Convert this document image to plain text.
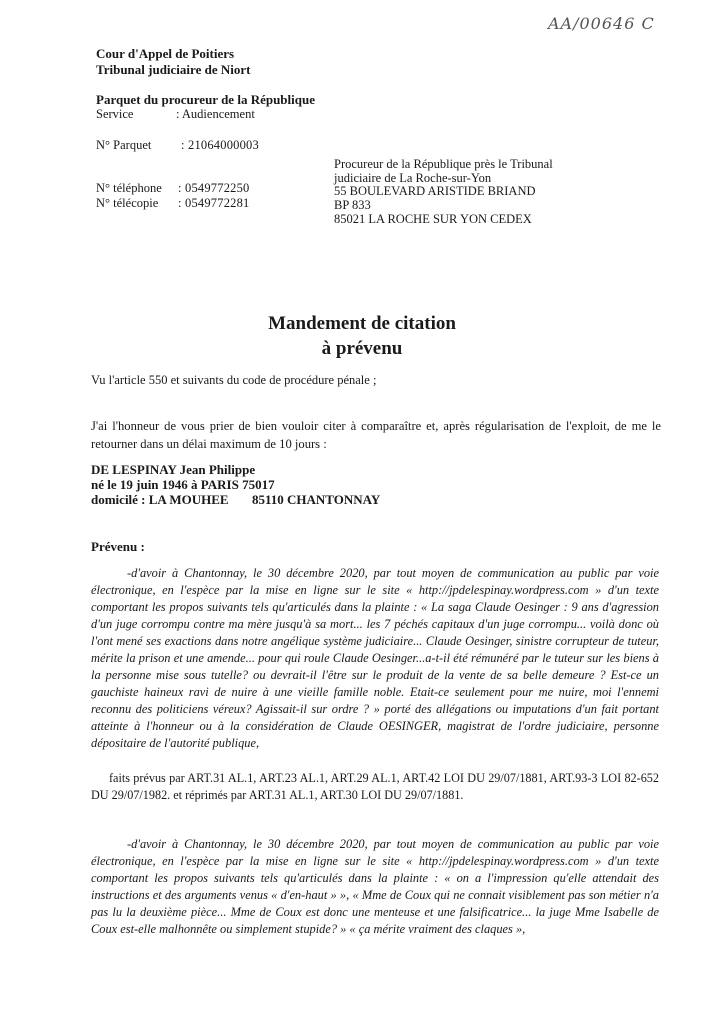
AA/00646 C
Cour d'Appel de Poitiers
Tribunal judiciaire de Niort
Parquet du procureur de la République
Service	: Audiencement
N° Parquet : 21064000003
N° téléphone : 0549772250
N° télécopie : 0549772281
Procureur de la République près le Tribunal
judiciaire de La Roche-sur-Yon
55 BOULEVARD ARISTIDE BRIAND
BP 833
85021 LA ROCHE SUR YON CEDEX
Mandement de citation
à prévenu
Vu l'article 550 et suivants du code de procédure pénale ;
J'ai l'honneur de vous prier de bien vouloir citer à comparaître et, après régularisation de l'exploit, de me le retourner dans un délai maximum de 10 jours :
DE LESPINAY Jean Philippe
né le 19 juin 1946 à PARIS 75017
domicilé : LA MOUHEE 85110 CHANTONNAY
Prévenu :
-d'avoir à Chantonnay, le 30 décembre 2020, par tout moyen de communication au public par voie électronique, en l'espèce par la mise en ligne sur le site « http://jpdelespinay.wordpress.com » d'un texte comportant les propos suivants tels qu'articulés dans la plainte : « La saga Claude Oesinger : 9 ans d'agression d'un juge corrompu contre ma mère jusqu'à sa mort... les 7 péchés capitaux d'un juge corrompu... voilà donc où l'ont mené ses exactions dans notre angélique système judiciaire... Claude Oesinger, sinistre corrupteur de tuteur, mérite la prison et une amende... pour qui roule Claude Oesinger...a-t-il été rémunéré par le tuteur sur les biens à la personne mise sous tutelle? ou devrait-il l'être sur le produit de la vente de sa belle demeure ? Est-ce un gauchiste haineux ravi de nuire à une vieille famille noble. Etait-ce seulement pour me nuire, moi l'ennemi reconnu des politiciens véreux? Agissait-il sur ordre ? » porté des allégations ou imputations d'un fait portant atteinte à l'honneur ou à la considération de Claude OESINGER, magistrat de l'ordre judiciaire, personne dépositaire de l'autorité publique,
faits prévus par ART.31 AL.1, ART.23 AL.1, ART.29 AL.1, ART.42 LOI DU 29/07/1881, ART.93-3 LOI 82-652 DU 29/07/1982. et réprimés par ART.31 AL.1, ART.30 LOI DU 29/07/1881.
-d'avoir à Chantonnay, le 30 décembre 2020, par tout moyen de communication au public par voie électronique, en l'espèce par la mise en ligne sur le site « http://jpdelespinay.wordpress.com » d'un texte comportant les propos suivants tels qu'articulés dans la plainte : « on a l'impression qu'elle attendait des instructions et des arguments venus « d'en-haut » », « Mme de Coux qui ne connait visiblement pas son métier n'a pas lu la deuxième pièce... Mme de Coux est donc une menteuse et une falsificatrice... la juge Mme Isabelle de Coux est-elle malhonnête ou simplement stupide? » « ça mérite vraiment des claques »,
